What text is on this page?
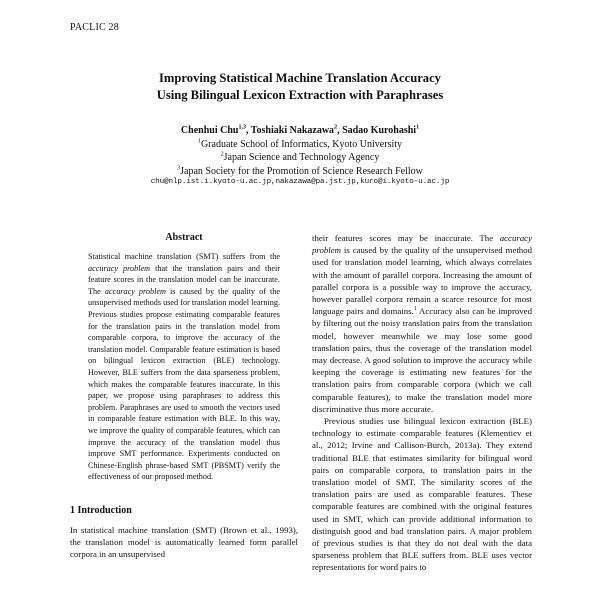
PACLIC 28
Improving Statistical Machine Translation Accuracy
Using Bilingual Lexicon Extraction with Paraphrases
Chenhui Chu$^{1,3}$, Toshiaki Nakazawa$^2$, Sadao Kurohashi$^1$
$^1$Graduate School of Informatics, Kyoto University
$^2$Japan Science and Technology Agency
$^3$Japan Society for the Promotion of Science Research Fellow
chu@nlp.ist.i.kyoto-u.ac.jp,nakazawa@pa.jst.jp,kuro@i.kyoto-u.ac.jp
Abstract

Statistical machine translation (SMT) suffers from the accuracy problem that the translation pairs and their feature scores in the translation model can be inaccurate. The accuracy problem is caused by the quality of the unsupervised methods used for translation model learning. Previous studies propose estimating comparable features for the translation pairs in the translation model from comparable corpora, to improve the accuracy of the translation model. Comparable feature estimation is based on bilingual lexicon extraction (BLE) technology. However, BLE suffers from the data sparseness problem, which makes the comparable features inaccurate. In this paper, we propose using paraphrases to address this problem. Paraphrases are used to smooth the vectors used in comparable feature estimation with BLE. In this way, we improve the quality of comparable features, which can improve the accuracy of the translation model thus improve SMT performance. Experiments conducted on Chinese-English phrase-based SMT (PBSMT) verify the effectiveness of our proposed method.

1 Introduction

In statistical machine translation (SMT) (Brown et al., 1993), the translation model is automatically learned form parallel corpora in an unsupervised

their features scores may be inaccurate. The accuracy problem is caused by the quality of the unsupervised method used for translation model learning, which always correlates with the amount of parallel corpora. Increasing the amount of parallel corpora is a possible way to improve the accuracy, however parallel corpora remain a scarce resource for most language pairs and domains.$^1$ Accuracy also can be improved by filtering out the noisy translation pairs from the translation model, however meanwhile we may lose some good translation pairs, thus the coverage of the translation model may decrease. A good solution to improve the accuracy while keeping the coverage is estimating new features for the translation pairs from comparable corpora (which we call comparable features), to make the translation model more discriminative thus more accurate.

Previous studies use bilingual lexicon extraction (BLE) technology to estimate comparable features (Klementiev et al., 2012; Irvine and Callison-Burch, 2013a). They extend traditional BLE that estimates similarity for bilingual word pairs on comparable corpora, to translation pairs in the translation model of SMT. The similarity scores of the translation pairs are used as comparable features. These comparable features are combined with the original features used in SMT, which can provide additional information to distinguish good and bad translation pairs. A major problem of previous studies is that they do not deal with the data sparseness problem that BLE suffers from. BLE uses vector representations for word pairs to
